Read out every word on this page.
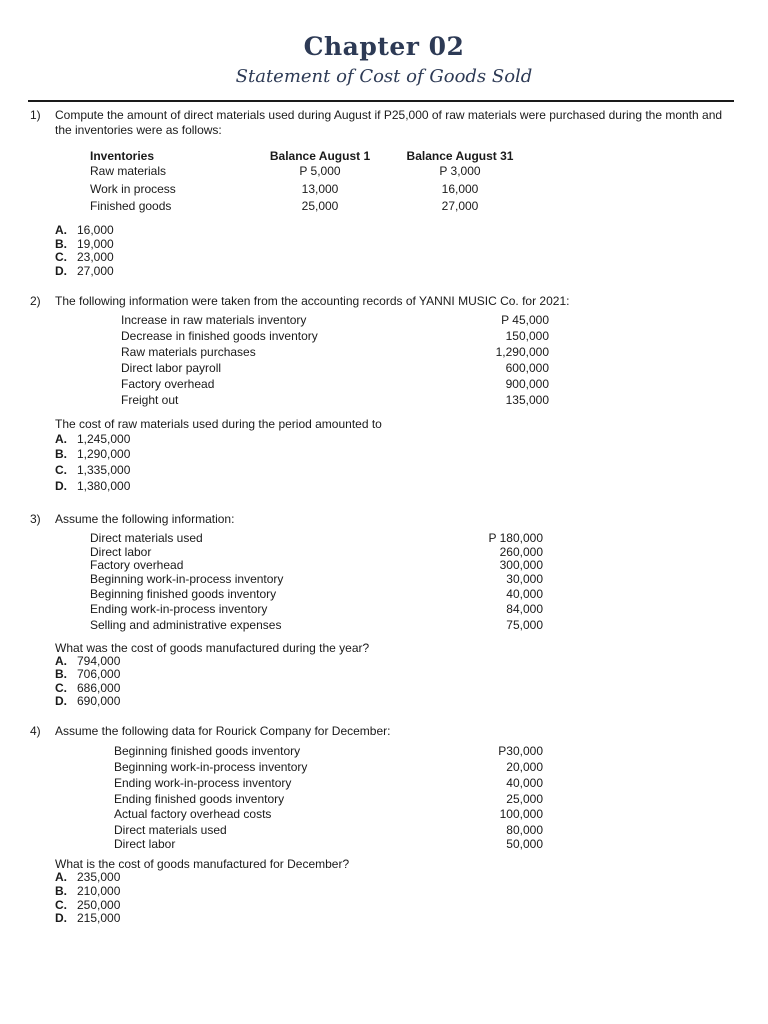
Chapter 02
Statement of Cost of Goods Sold
1) Compute the amount of direct materials used during August if P25,000 of raw materials were purchased during the month and the inventories were as follows:
Inventories	Balance August 1	Balance August 31
Raw materials	P 5,000	P 3,000
Work in process	13,000	16,000
Finished goods	25,000	27,000
A. 16,000
B. 19,000
C. 23,000
D. 27,000
2) The following information were taken from the accounting records of YANNI MUSIC Co. for 2021:
Increase in raw materials inventory	P 45,000
Decrease in finished goods inventory	150,000
Raw materials purchases	1,290,000
Direct labor payroll	600,000
Factory overhead	900,000
Freight out	135,000
The cost of raw materials used during the period amounted to
A. 1,245,000
B. 1,290,000
C. 1,335,000
D. 1,380,000
3) Assume the following information:
Direct materials used	P 180,000
Direct labor	260,000
Factory overhead	300,000
Beginning work-in-process inventory	30,000
Beginning finished goods inventory	40,000
Ending work-in-process inventory	84,000
Selling and administrative expenses	75,000
What was the cost of goods manufactured during the year?
A. 794,000
B. 706,000
C. 686,000
D. 690,000
4) Assume the following data for Rourick Company for December:
Beginning finished goods inventory	P30,000
Beginning work-in-process inventory	20,000
Ending work-in-process inventory	40,000
Ending finished goods inventory	25,000
Actual factory overhead costs	100,000
Direct materials used	80,000
Direct labor	50,000
What is the cost of goods manufactured for December?
A. 235,000
B. 210,000
C. 250,000
D. 215,000
